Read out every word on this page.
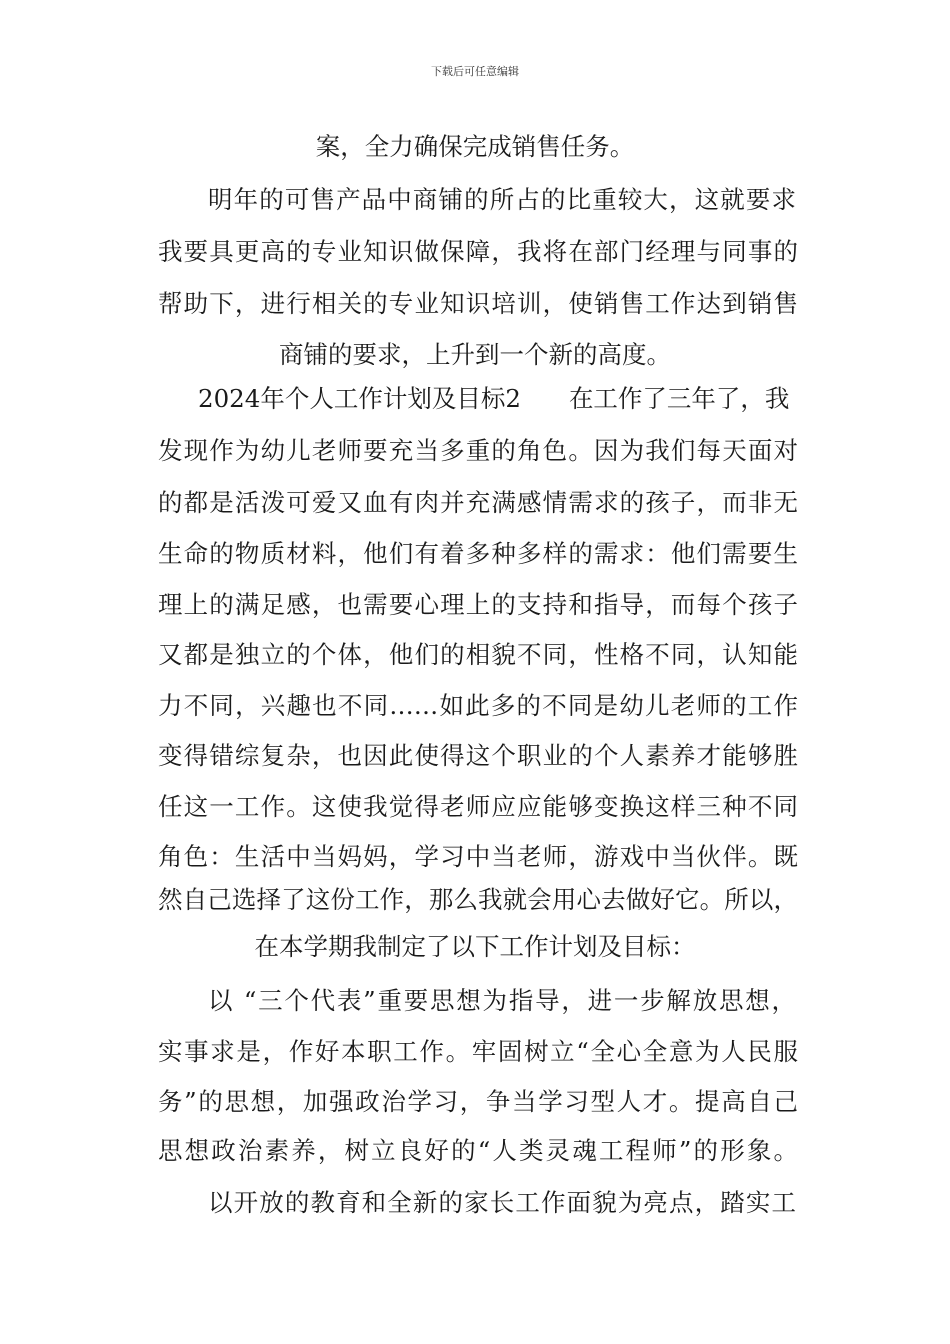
下载后可任意编辑
案，全力确保完成销售任务。
明年的可售产品中商铺的所占的比重较大，这就要求
我要具更高的专业知识做保障，我将在部门经理与同事的
帮助下，进行相关的专业知识培训，使销售工作达到销售
商铺的要求，上升到一个新的高度。
2024年个人工作计划及目标2 在工作了三年了，我
发现作为幼儿老师要充当多重的角色。因为我们每天面对
的都是活泼可爱又血有肉并充满感情需求的孩子，而非无
生命的物质材料，他们有着多种多样的需求：他们需要生
理上的满足感，也需要心理上的支持和指导，而每个孩子
又都是独立的个体，他们的相貌不同，性格不同，认知能
力不同，兴趣也不同……如此多的不同是幼儿老师的工作
变得错综复杂，也因此使得这个职业的个人素养才能够胜
任这一工作。这使我觉得老师应应能够变换这样三种不同
角色：生活中当妈妈，学习中当老师，游戏中当伙伴。既
然自己选择了这份工作，那么我就会用心去做好它。所以，
在本学期我制定了以下工作计划及目标：
以 “三个代表”重要思想为指导，进一步解放思想，
实事求是，作好本职工作。牢固树立“全心全意为人民服
务”的思想，加强政治学习，争当学习型人才。提高自己
思想政治素养，树立良好的“人类灵魂工程师”的形象。
以开放的教育和全新的家长工作面貌为亮点，踏实工
